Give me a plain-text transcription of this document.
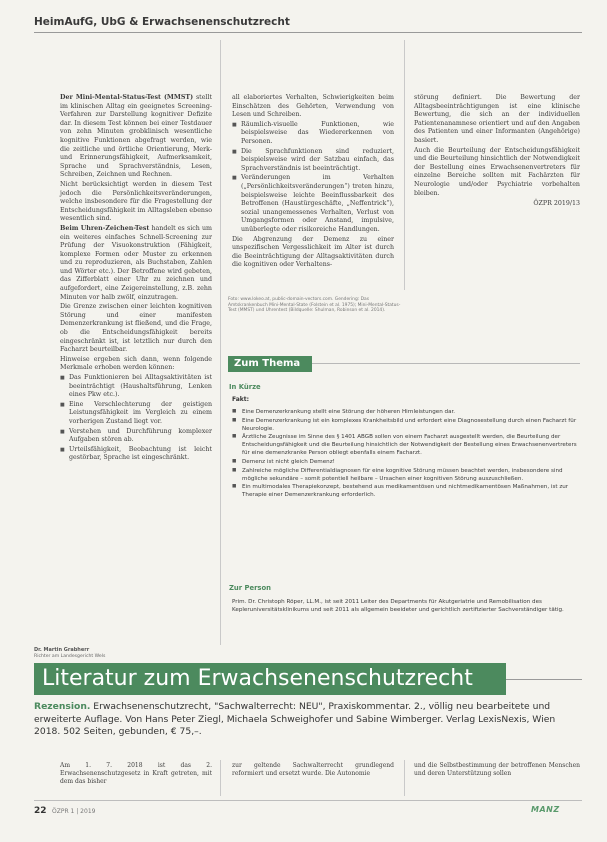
HeimAufG, UbG & Erwachsenenschutzrecht

Der Mini-Mental-Status-Test (MMST) stellt im klinischen Alltag ein geeignetes Screening-Verfahren zur Darstellung kognitiver Defizite dar. In diesem Test können bei einer Testdauer von zehn Minuten grobklinisch wesentliche kognitive Funktionen abgefragt werden, wie die zeitliche und örtliche Orientierung, Merk- und Erinnerungsfähigkeit, Aufmerksamkeit, Sprache und Sprachverständnis, Lesen, Schreiben, Zeichnen und Rechnen.

Nicht berücksichtigt werden in diesem Test jedoch die Persönlichkeitsveränderungen, welche insbesondere für die Fragestellung der Entscheidungsfähigkeit im Alltagsleben ebenso wesentlich sind.

Beim Uhren-Zeichen-Test handelt es sich um ein weiteres einfaches Schnell-Screening zur Prüfung der Visuokonstruktion (Fähigkeit, komplexe Formen oder Muster zu erkennen und zu reproduzieren, als Buchstaben, Zahlen und Wörter etc.). Der Betroffene wird gebeten, das Zifferblatt einer Uhr zu zeichnen und aufgefordert, eine Zeigereinstellung, z.B. zehn Minuten vor halb zwölf, einzutragen.

Die Grenze zwischen einer leichten kognitiven Störung und einer manifesten Demenzerkrankung ist fließend, und die Frage, ob die Entscheidungsfähigkeit bereits eingeschränkt ist, ist letztlich nur durch den Facharzt beurteilbar.

Hinweise ergeben sich dann, wenn folgende Merkmale erhoben werden können:

■ Das Funktionieren bei Alltagsaktivitäten ist beeinträchtigt (Haushaltsführung, Lenken eines Pkw etc.).
■ Eine Verschlechterung der geistigen Leistungsfähigkeit im Vergleich zu einem vorherigen Zustand liegt vor.
■ Verstehen und Durchführung komplexer Aufgaben stören ab.
■ Urteilsfähigkeit, Beobachtung ist leicht gestörbar, Sprache ist eingeschränkt.

all elaboriertes Verhalten, Schwierigkeiten beim Einschätzen des Gehörten, Verwendung von Lesen und Schreiben.

■ Räumlich-visuelle Funktionen, wie beispielsweise das Wiedererkennen von Personen.
■ Die Sprachfunktionen sind reduziert, beispielsweise wird der Satzbau einfach, das Sprachverständnis ist beeinträchtigt.
■ Veränderungen im Verhalten („Persönlichkeitsveränderungen“) treten hinzu, beispielsweise leichte Beeinflussbarkeit des Betroffenen (Haustürgeschäfte, „Neffentrick“), sozial unangemessenes Verhalten, Verlust von Umgangsformen oder Anstand, impulsive, unüberlegte oder risikoreiche Handlungen.

Die Abgrenzung der Demenz zu einer unspezifischen Vergesslichkeit im Alter ist durch die Beeinträchtigung der Alltagsaktivitäten durch die kognitiven oder Verhaltens-

störung definiert. Die Bewertung der Alltagsbeeinträchtigungen ist eine klinische Bewertung, die sich an der individuellen Patientenanamnese orientiert und auf den Angaben des Patienten und einer Informanten (Angehörige) basiert.

Auch die Beurteilung der Entscheidungsfähigkeit und die Beurteilung hinsichtlich der Notwendigkeit der Bestellung eines Erwachsenenvertreters für einzelne Bereiche sollten mit Fachärzten für Neurologie und/oder Psychiatrie vorbehalten bleiben.

ÖZPR 2019/13

Foto: www.lokeo.at, public-domain-vectors.com. Gendering: Das Amtskrankenbuch Mini-Mental-State (Folstein et al. 1975); Mini-Mental-Status-Test (MMST) und Uhrentest (Bildquelle: Shulman, Robinson et al. 2014).
Zum Thema
In Kürze
Fakt:
■ Eine Demenzerkrankung stellt eine Störung der höheren Hirnleistungen dar.
■ Eine Demenzerkrankung ist ein komplexes Krankheitsbild und erfordert eine Diagnosestellung durch einen Facharzt für Neurologie.
■ Ärztliche Zeugnisse im Sinne des § 1401 ABGB sollen von einem Facharzt ausgestellt werden, die Beurteilung der Entscheidungsfähigkeit und die Beurteilung hinsichtlich der Notwendigkeit der Bestellung eines Erwachsenenvertreters für eine demenzkranke Person obliegt ebenfalls einem Facharzt.
■ Demenz ist nicht gleich Demenz!
■ Zahlreiche mögliche Differentialdiagnosen für eine kognitive Störung müssen beachtet werden, insbesondere sind mögliche sekundäre – somit potentiell heilbare – Ursachen einer kognitiven Störung auszuschließen.
■ Ein multimodales Therapiekonzept, bestehend aus medikamentösen und nichtmedikamentösen Maßnahmen, ist zur Therapie einer Demenzerkrankung erforderlich.
Zur Person
Prim. Dr. Christoph Röper, LL.M., ist seit 2011 Leiter des Departments für Akutgeriatrie und Remobilisation des Kepleruniversitätsklinikums und seit 2011 als allgemein beeideter und gerichtlich zertifizierter Sachverständiger tätig.
Dr. Martin Grabherr
Richter am Landesgericht Wels
Literatur zum Erwachsenenschutzrecht
Rezension. Erwachsenenschutzrecht, "Sachwalterrecht: NEU", Praxiskommentar. 2., völlig neu bearbeitete und erweiterte Auflage. Von Hans Peter Ziegl, Michaela Schweighofer und Sabine Wimberger. Verlag LexisNexis, Wien 2018. 502 Seiten, gebunden, € 75,–.
Am 1. 7. 2018 ist das 2. Erwachsenenschutzgesetz in Kraft getreten, mit dem das bisher
zur geltende Sachwalterrecht grundlegend reformiert und ersetzt wurde. Die Autonomie
und die Selbstbestimmung der betroffenen Menschen und deren Unterstützung sollen
22 ÖZPR 1 | 2019	MANZ
